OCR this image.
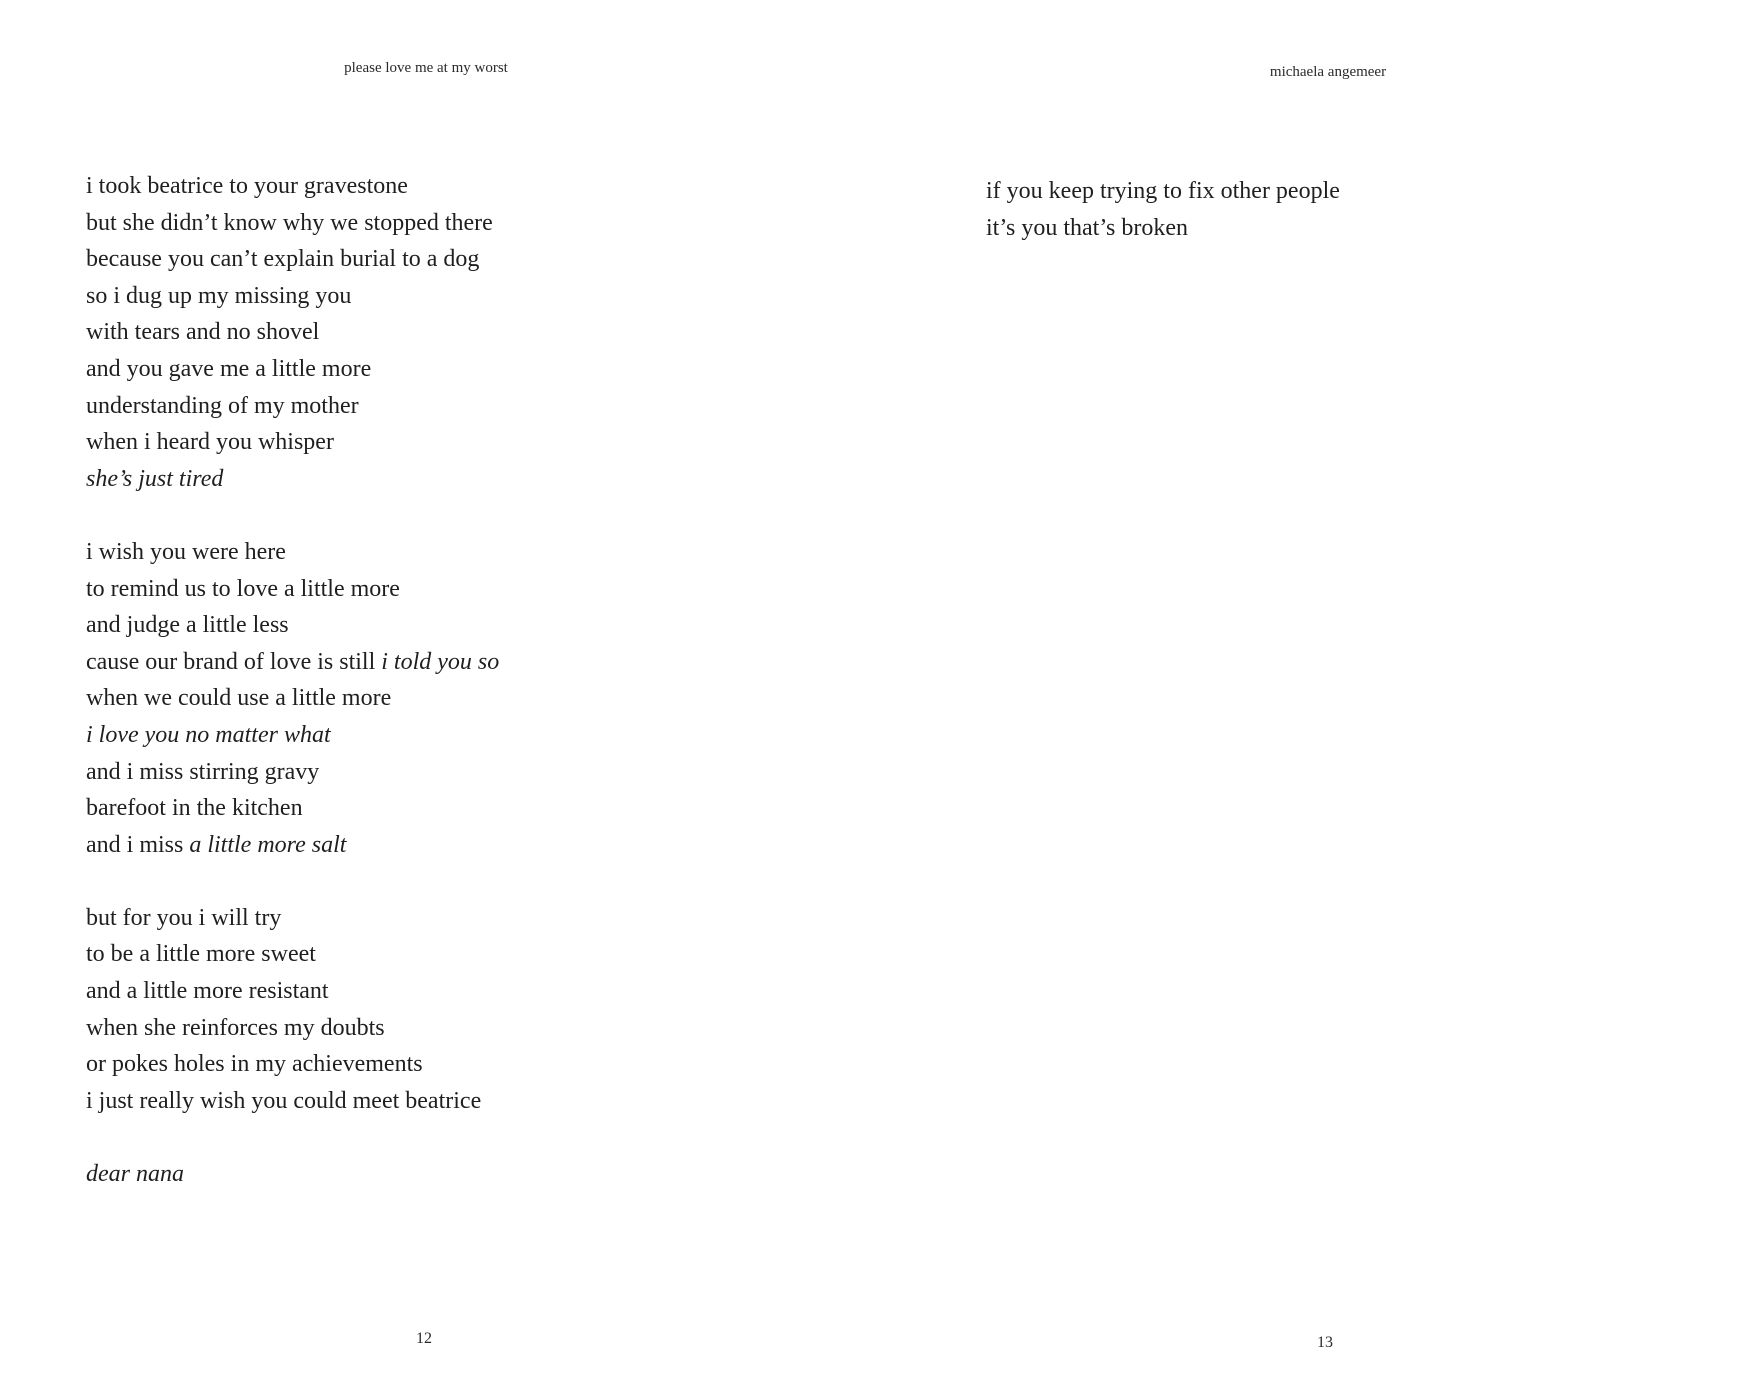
please love me at my worst
i took beatrice to your gravestone
but she didn’t know why we stopped there
because you can’t explain burial to a dog
so i dug up my missing you
with tears and no shovel
and you gave me a little more
understanding of my mother
when i heard you whisper
she’s just tired
i wish you were here
to remind us to love a little more
and judge a little less
cause our brand of love is still i told you so
when we could use a little more
i love you no matter what
and i miss stirring gravy
barefoot in the kitchen
and i miss a little more salt
but for you i will try
to be a little more sweet
and a little more resistant
when she reinforces my doubts
or pokes holes in my achievements
i just really wish you could meet beatrice
dear nana
12
michaela angemeer
if you keep trying to fix other people
it’s you that’s broken
13
